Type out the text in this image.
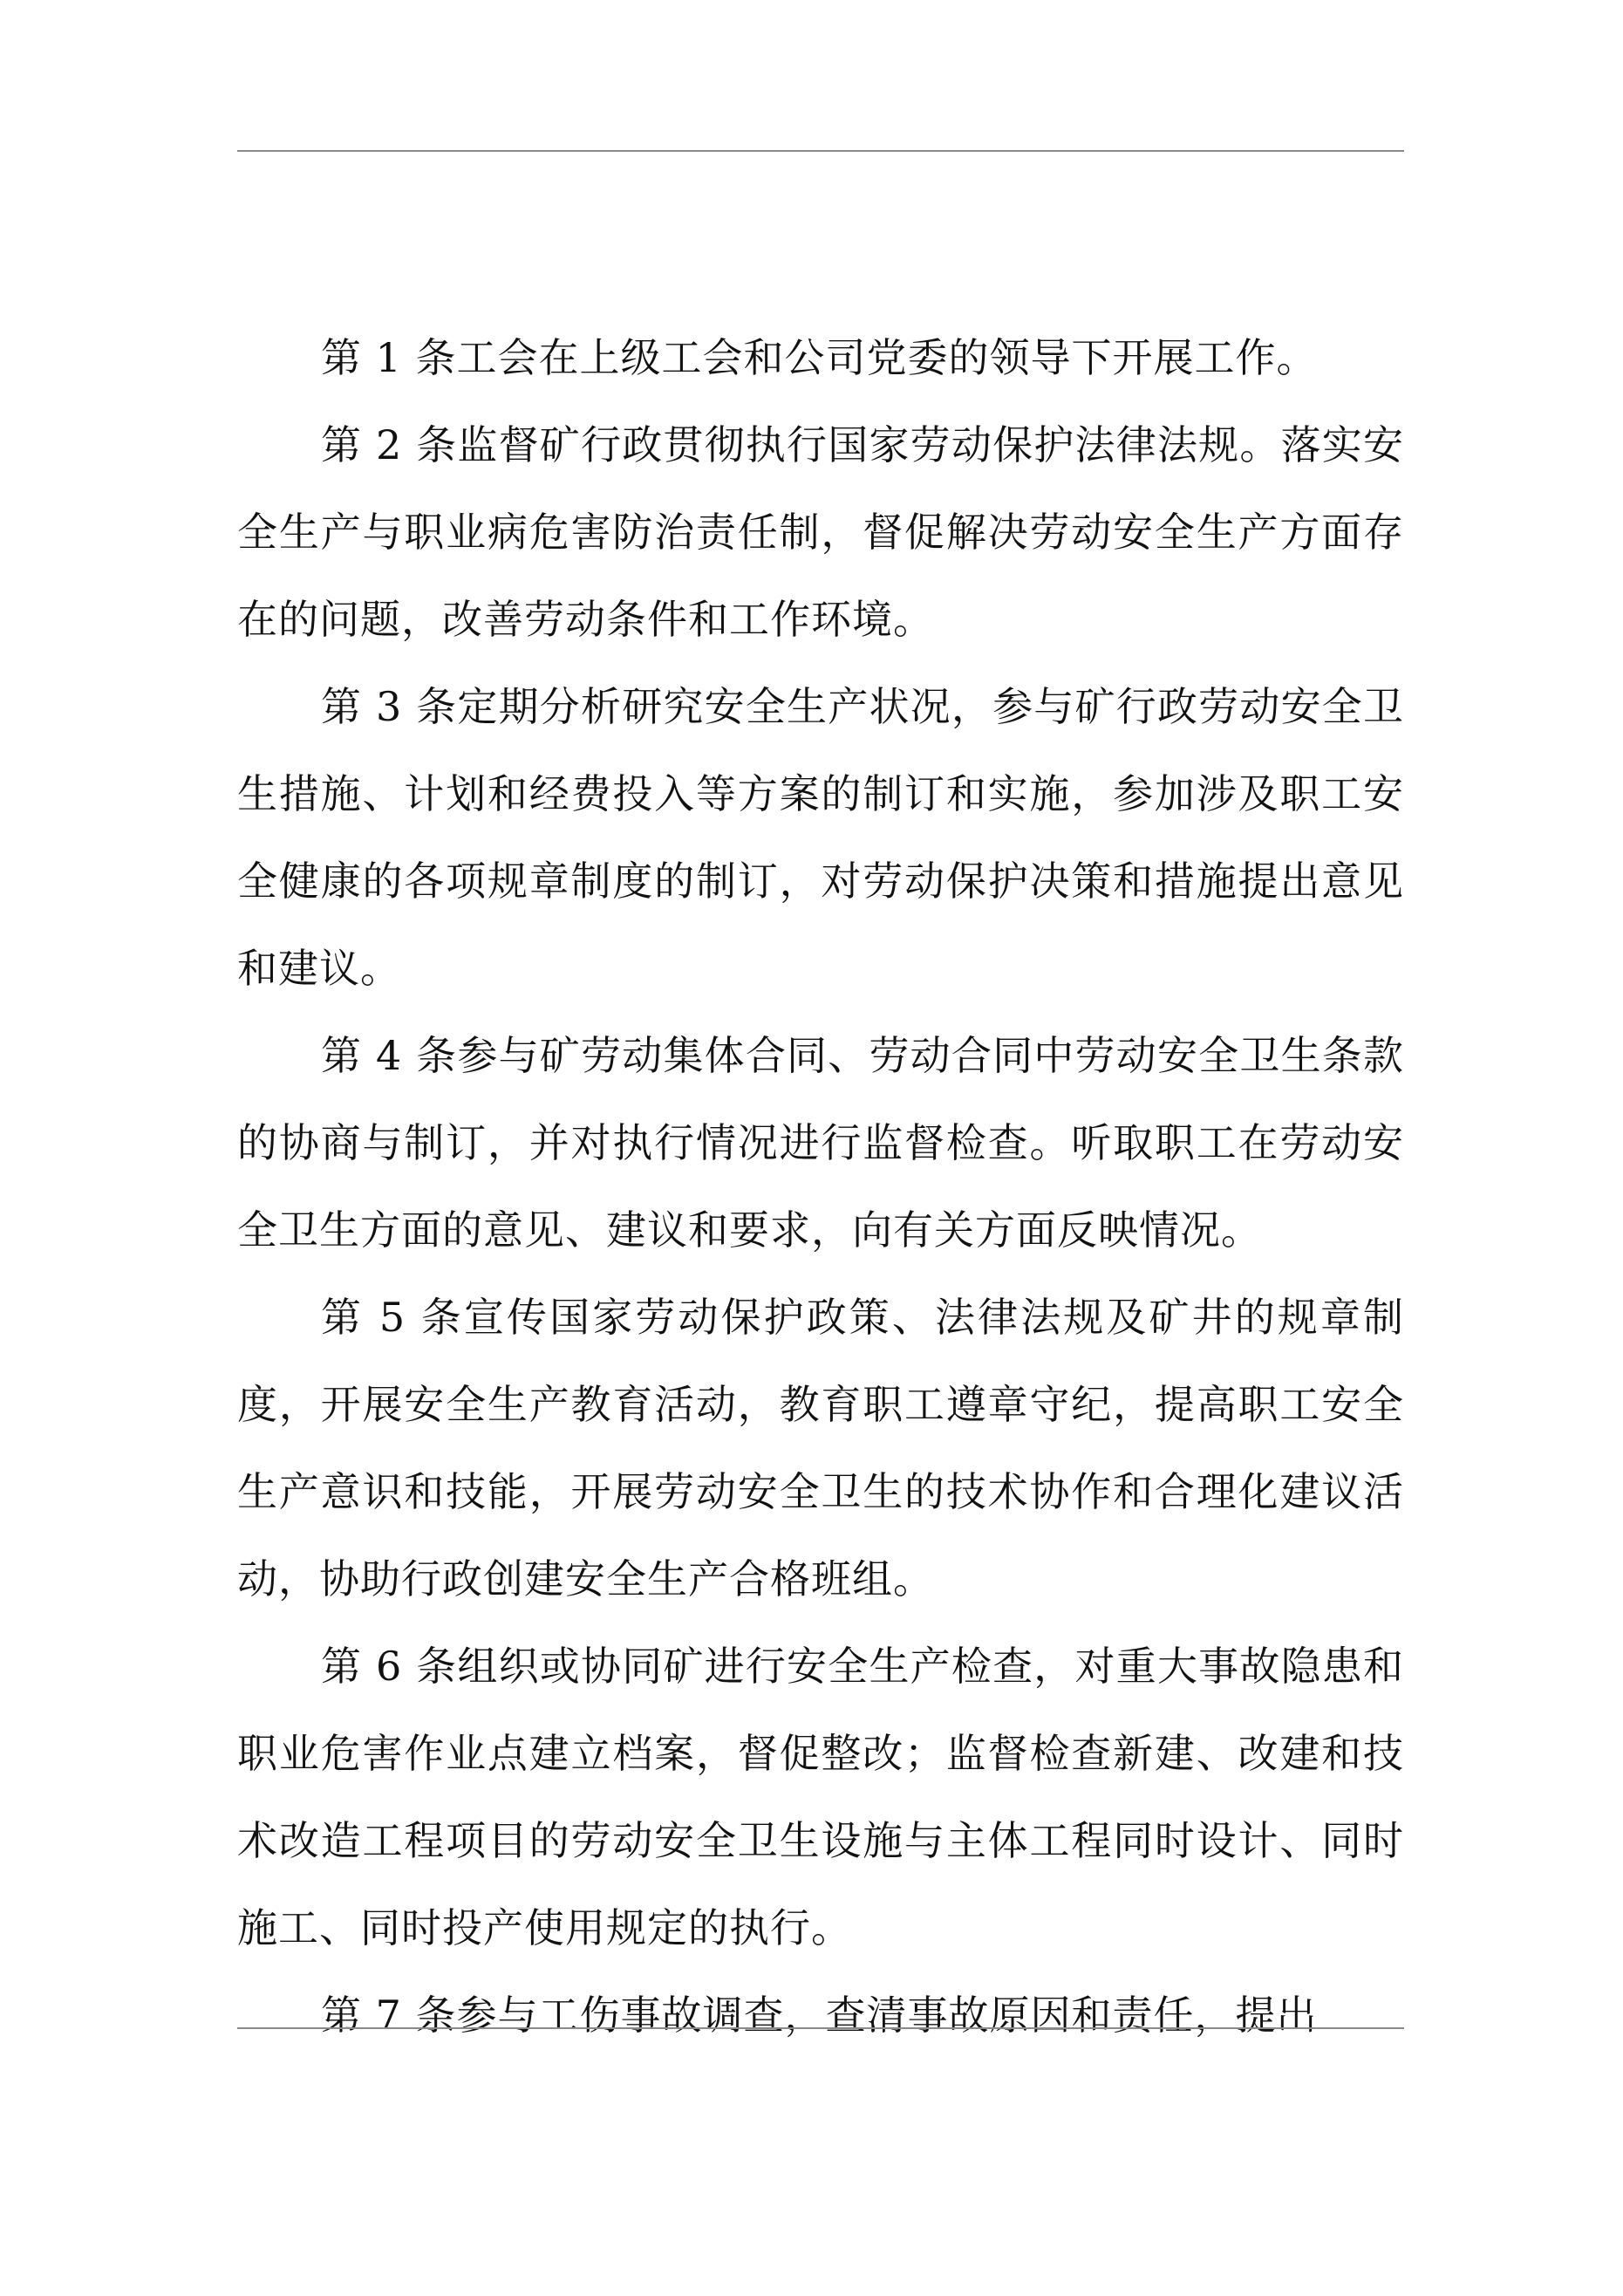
第 1 条工会在上级工会和公司党委的领导下开展工作。

第 2 条监督矿行政贯彻执行国家劳动保护法律法规。落实安全生产与职业病危害防治责任制，督促解决劳动安全生产方面存在的问题，改善劳动条件和工作环境。

第 3 条定期分析研究安全生产状况，参与矿行政劳动安全卫生措施、计划和经费投入等方案的制订和实施，参加涉及职工安全健康的各项规章制度的制订，对劳动保护决策和措施提出意见和建议。

第 4 条参与矿劳动集体合同、劳动合同中劳动安全卫生条款的协商与制订，并对执行情况进行监督检查。听取职工在劳动安全卫生方面的意见、建议和要求，向有关方面反映情况。

第 5 条宣传国家劳动保护政策、法律法规及矿井的规章制度，开展安全生产教育活动，教育职工遵章守纪，提高职工安全生产意识和技能，开展劳动安全卫生的技术协作和合理化建议活动，协助行政创建安全生产合格班组。

第 6 条组织或协同矿进行安全生产检查，对重大事故隐患和职业危害作业点建立档案，督促整改；监督检查新建、改建和技术改造工程项目的劳动安全卫生设施与主体工程同时设计、同时施工、同时投产使用规定的执行。

第 7 条参与工伤事故调查，查清事故原因和责任，提出
